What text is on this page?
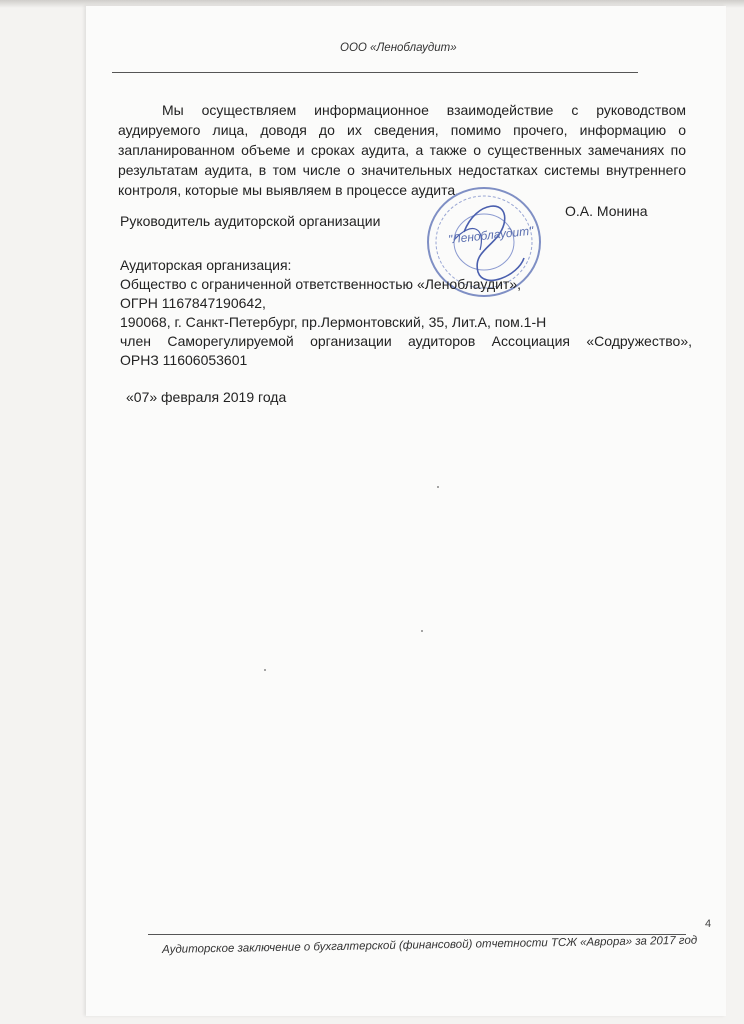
ООО «Леноблаудит»
Мы осуществляем информационное взаимодействие с руководством аудируемого лица, доводя до их сведения, помимо прочего, информацию о запланированном объеме и сроках аудита, а также о существенных замечаниях по результатам аудита, в том числе о значительных недостатках системы внутреннего контроля, которые мы выявляем в процессе аудита.
"Леноблаудит"
Руководитель аудиторской организации
О.А. Монина
Аудиторская организация:
Общество с ограниченной ответственностью «Леноблаудит»,
ОГРН 1167847190642,
190068, г. Санкт-Петербург, пр.Лермонтовский, 35, Лит.А, пом.1-Н
член Саморегулируемой организации аудиторов Ассоциация «Содружество»,
ОРНЗ 11606053601
«07» февраля 2019 года
4
Аудиторское заключение о бухгалтерской (финансовой) отчетности ТСЖ «Аврора» за 2017 год
